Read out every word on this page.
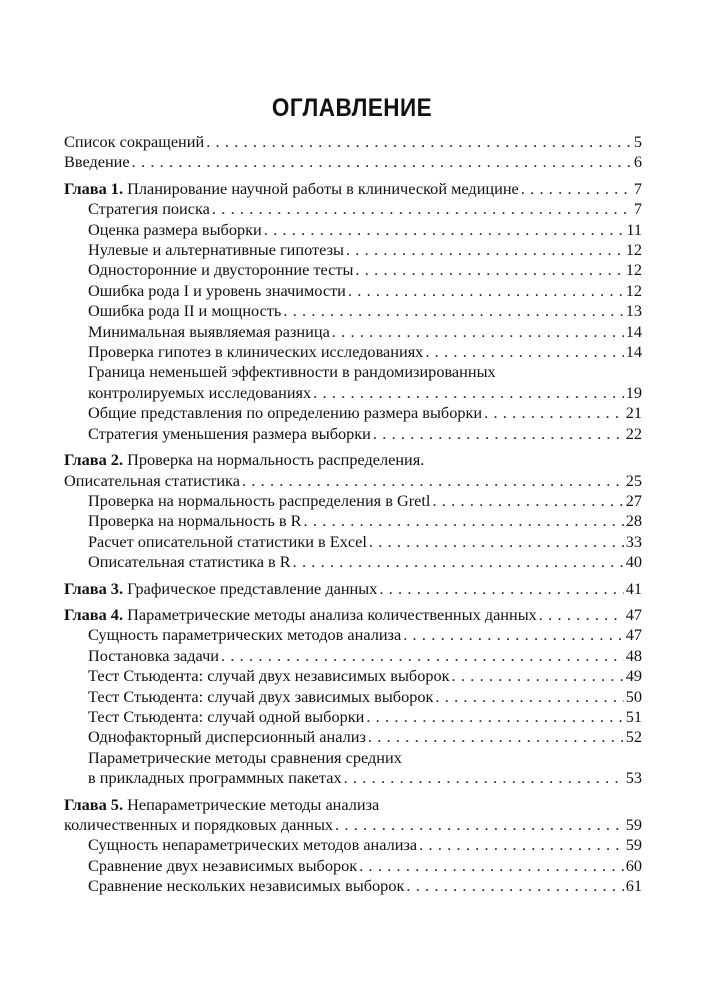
ОГЛАВЛЕНИЕ
Список сокращений . . .	5
Введение . . .	6
Глава 1. Планирование научной работы в клинической медицине . . .	7
Стратегия поиска . . .	7
Оценка размера выборки . . .	11
Нулевые и альтернативные гипотезы . . .	12
Односторонние и двусторонние тесты . . .	12
Ошибка рода I и уровень значимости . . .	12
Ошибка рода II и мощность . . .	13
Минимальная выявляемая разница . . .	14
Проверка гипотез в клинических исследованиях . . .	14
Граница неменьшей эффективности в рандомизированных
контролируемых исследованиях . . .	19
Общие представления по определению размера выборки . . .	21
Стратегия уменьшения размера выборки . . .	22
Глава 2. Проверка на нормальность распределения.
Описательная статистика . . .	25
Проверка на нормальность распределения в Gretl . . .	27
Проверка на нормальность в R . . .	28
Расчет описательной статистики в Excel . . .	33
Описательная статистика в R . . .	40
Глава 3. Графическое представление данных . . .	41
Глава 4. Параметрические методы анализа количественных данных . . .	47
Сущность параметрических методов анализа . . .	47
Постановка задачи . . .	48
Тест Стьюдента: случай двух независимых выборок . . .	49
Тест Стьюдента: случай двух зависимых выборок . . .	50
Тест Стьюдента: случай одной выборки . . .	51
Однофакторный дисперсионный анализ . . .	52
Параметрические методы сравнения средних
в прикладных программных пакетах . . .	53
Глава 5. Непараметрические методы анализа
количественных и порядковых данных . . .	59
Сущность непараметрических методов анализа . . .	59
Сравнение двух независимых выборок . . .	60
Сравнение нескольких независимых выборок . . .	61
